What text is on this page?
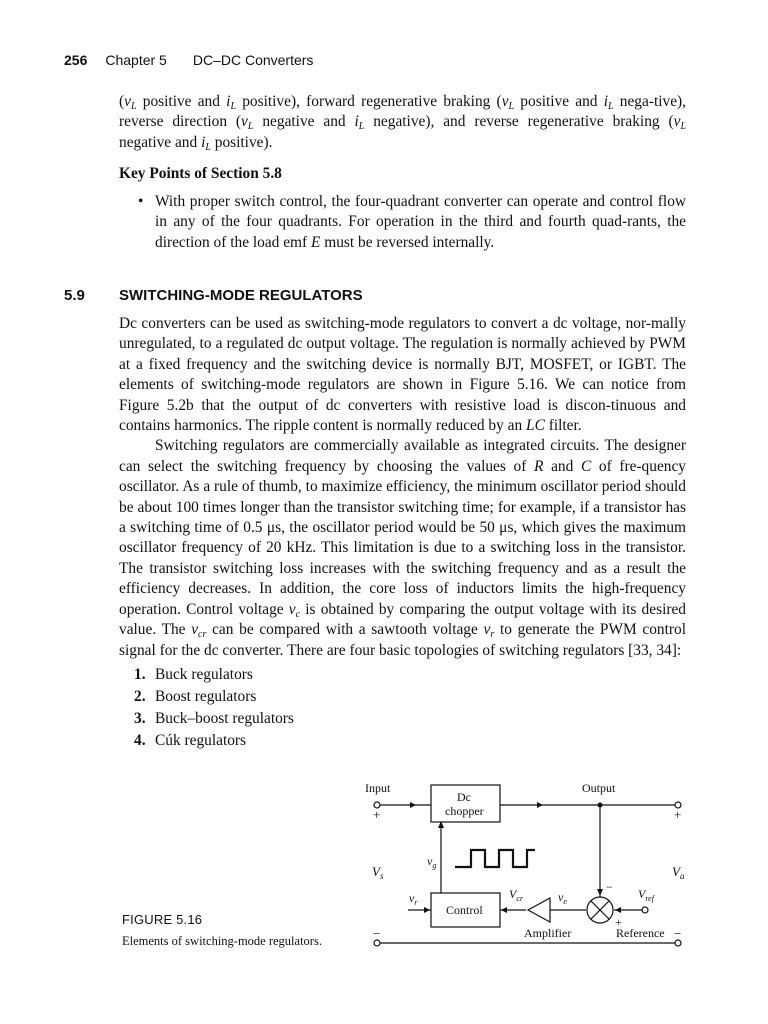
256 Chapter 5 DC–DC Converters

($v_L$ positive and $i_L$ positive), forward regenerative braking ($v_L$ positive and $i_L$ nega-tive), reverse direction ($v_L$ negative and $i_L$ negative), and reverse regenerative braking ($v_L$ negative and $i_L$ positive).

Key Points of Section 5.8
• With proper switch control, the four-quadrant converter can operate and control flow in any of the four quadrants. For operation in the third and fourth quad-rants, the direction of the load emf E must be reversed internally.
5.9 SWITCHING-MODE REGULATORS

Dc converters can be used as switching-mode regulators to convert a dc voltage, nor-mally unregulated, to a regulated dc output voltage. The regulation is normally achieved by PWM at a fixed frequency and the switching device is normally BJT, MOSFET, or IGBT. The elements of switching-mode regulators are shown in Figure 5.16. We can notice from Figure 5.2b that the output of dc converters with resistive load is discon-tinuous and contains harmonics. The ripple content is normally reduced by an LC filter.

Switching regulators are commercially available as integrated circuits. The designer can select the switching frequency by choosing the values of R and C of fre-quency oscillator. As a rule of thumb, to maximize efficiency, the minimum oscillator period should be about 100 times longer than the transistor switching time; for example, if a transistor has a switching time of 0.5 μs, the oscillator period would be 50 μs, which gives the maximum oscillator frequency of 20 kHz. This limitation is due to a switching loss in the transistor. The transistor switching loss increases with the switching frequency and as a result the efficiency decreases. In addition, the core loss of inductors limits the high-frequency operation. Control voltage $v_c$ is obtained by comparing the output voltage with its desired value. The $v_{cr}$ can be compared with a sawtooth voltage $v_r$ to generate the PWM control signal for the dc converter. There are four basic topologies of switching regulators [33, 34]:

1. Buck regulators
2. Boost regulators
3. Buck–boost regulators
4. Cúk regulators
FIGURE 5.16
Elements of switching-mode regulators.
Input	Output
+	+
−	−
Dc
chopper
Control
Amplifier	Reference
$V_s$	$V_a$
$v_g$
$v_r$
$V_{cr}$	$v_e$
$V_{ref}$
−
+
